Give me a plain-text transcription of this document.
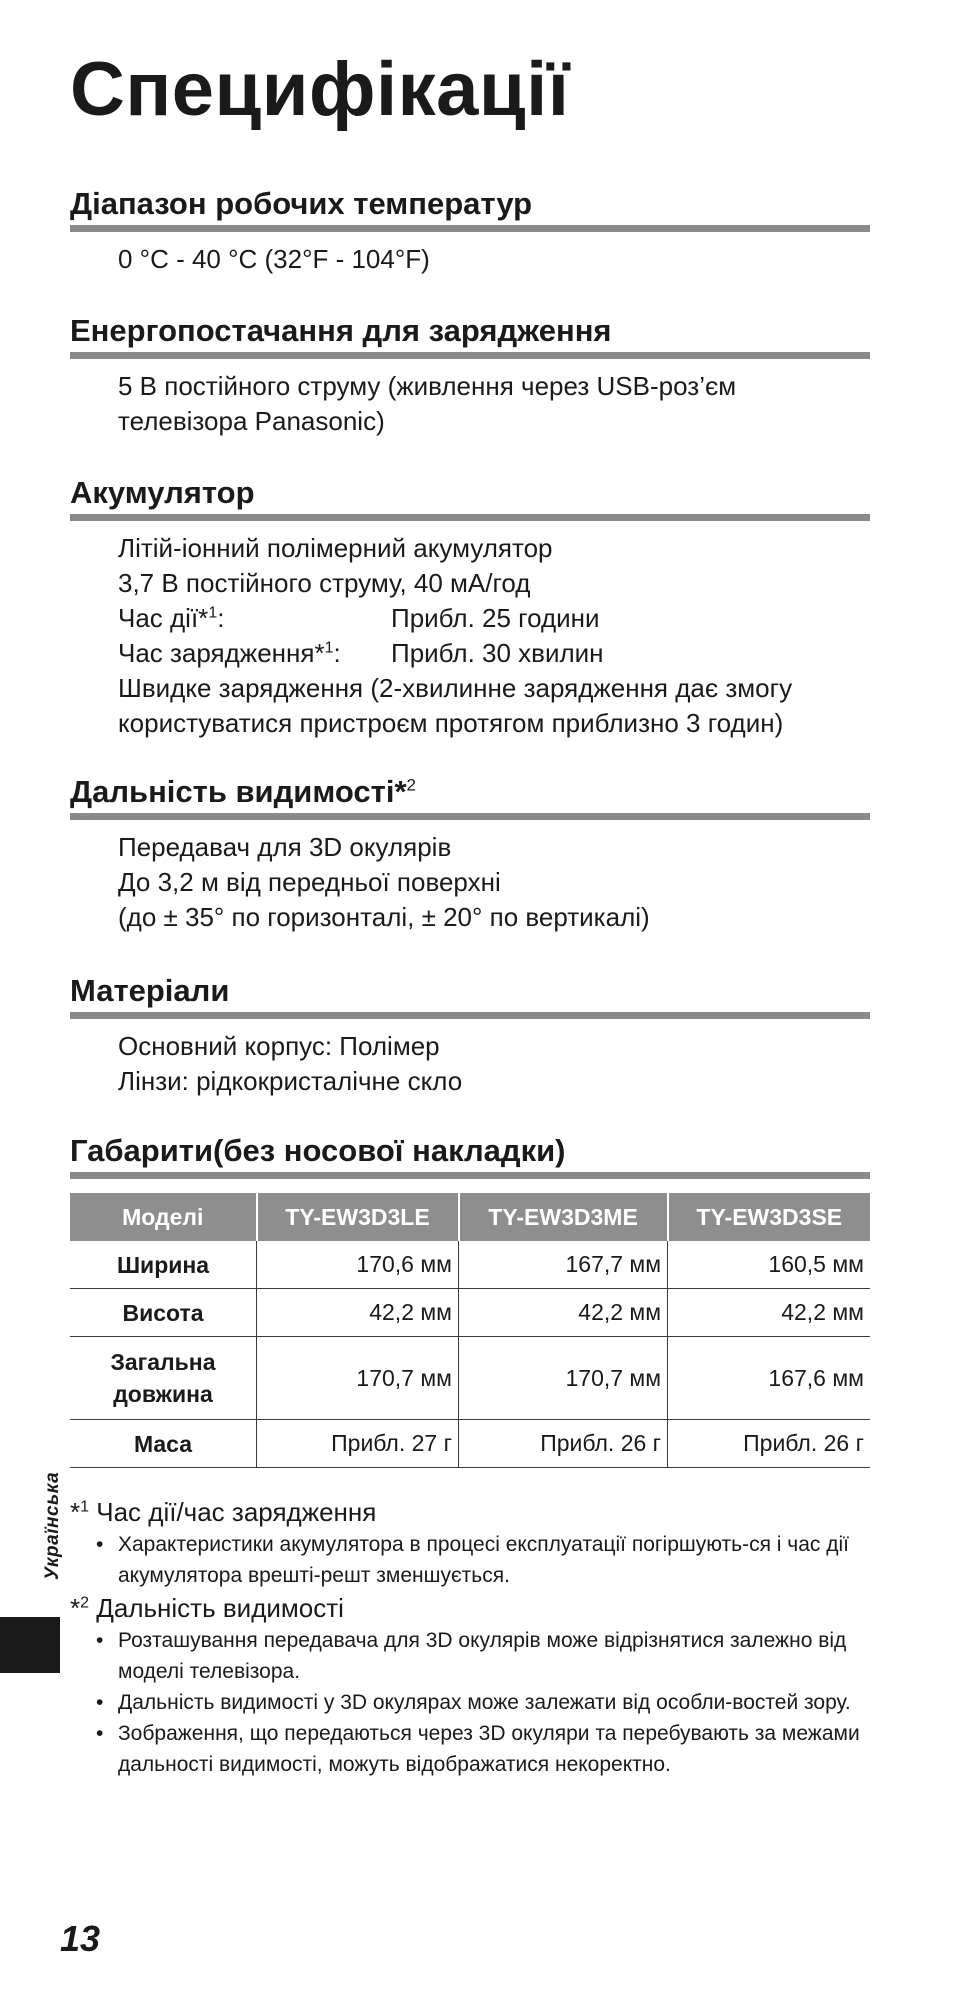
Специфікації
Діапазон робочих температур
0 °C - 40 °C (32°F - 104°F)
Енергопостачання для зарядження
5 В постійного струму (живлення через USB-роз’єм
телевізора Panasonic)
Акумулятор
Літій-іонний полімерний акумулятор
3,7 В постійного струму, 40 мА/год
Час дії*$^1$:	Прибл. 25 години
Час зарядження*$^1$:	Прибл. 30 хвилин
Швидке зарядження (2-хвилинне зарядження дає змогу
користуватися пристроєм протягом приблизно 3 годин)
Дальність видимості*$^2$
Передавач для 3D окулярів
До 3,2 м від передньої поверхні
(до ± 35° по горизонталі, ± 20° по вертикалі)
Матеріали
Основний корпус: Полімер
Лінзи: рідкокристалічне скло
Габарити(без носової накладки)
Моделі	TY-EW3D3LE	TY-EW3D3ME	TY-EW3D3SE
Ширина	170,6 мм	167,7 мм	160,5 мм
Висота	42,2 мм	42,2 мм	42,2 мм

Загальна
довжина	170,7 мм	170,7 мм	167,6 мм
Маса	Прибл. 27 г	Прибл. 26 г	Прибл. 26 г
*$^1$ Час дії/час зарядження
• Характеристики акумулятора в процесі експлуатації погіршують-ся і час дії акумулятора врешті-решт зменшується.
*$^2$ Дальність видимості
• Розташування передавача для 3D окулярів може відрізнятися залежно від моделі телевізора.
• Дальність видимості у 3D окулярах може залежати від особли-востей зору.
• Зображення, що передаються через 3D окуляри та перебувають за межами дальності видимості, можуть відображатися некоректно.
Українська
13
